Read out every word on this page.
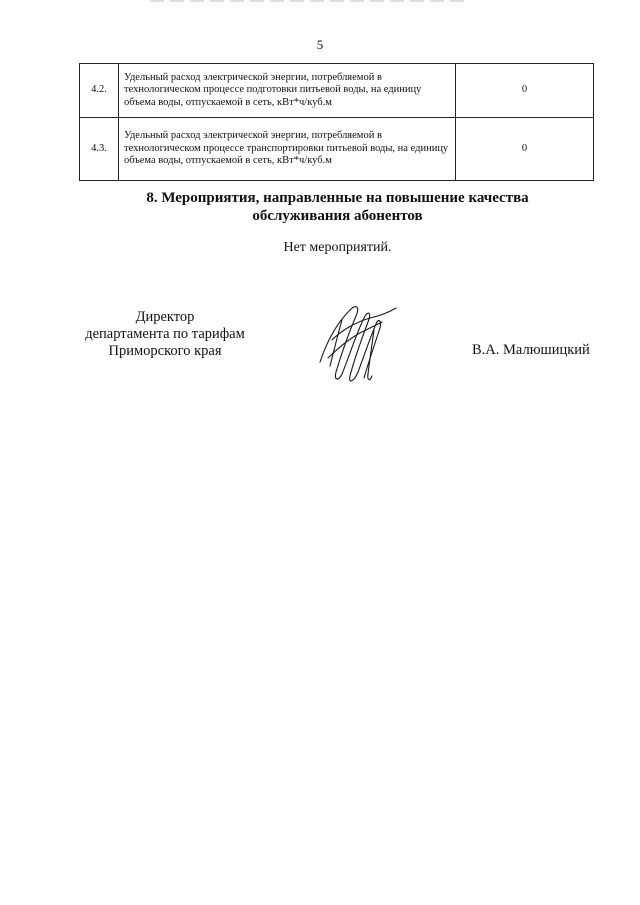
5
4.2.	Удельный расход электрической энергии, потребляемой в технологическом процессе подготовки питьевой воды, на единицу объема воды, отпускаемой в сеть, кВт*ч/куб.м	0
4.3.	Удельный расход электрической энергии, потребляемой в технологическом процессе транспортировки питьевой воды, на единицу объема воды, отпускаемой в сеть, кВт*ч/куб.м	0
8. Мероприятия, направленные на повышение качества
обслуживания абонентов
Нет мероприятий.
Директор
департамента по тарифам
Приморского края	В.А. Малюшицкий
